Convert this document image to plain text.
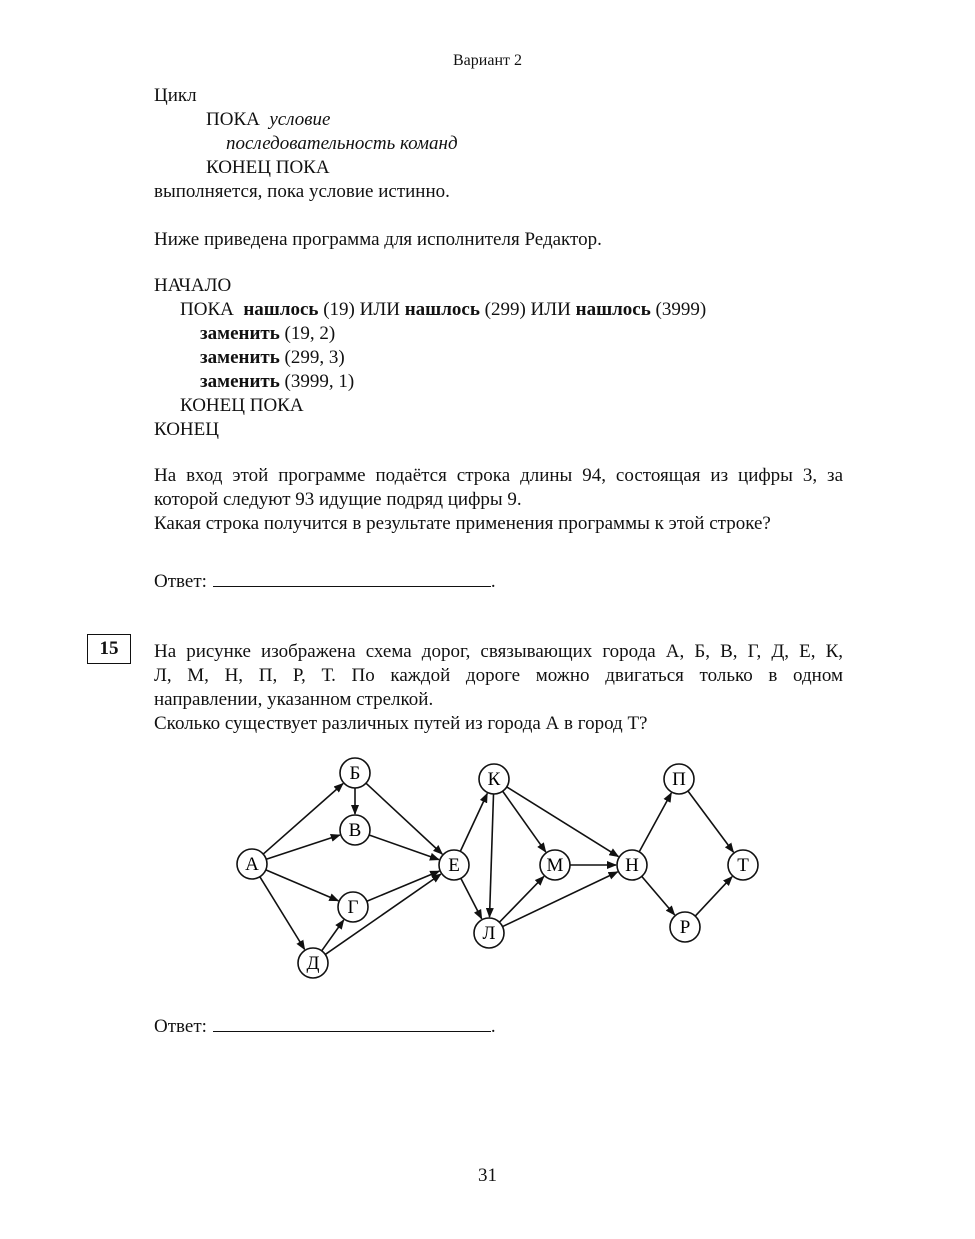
Вариант 2
Цикл
ПОКА условие
последовательность команд
КОНЕЦ ПОКА
выполняется, пока условие истинно.
Ниже приведена программа для исполнителя Редактор.
НАЧАЛО
ПОКА нашлось (19) ИЛИ нашлось (299) ИЛИ нашлось (3999)
заменить (19, 2)
заменить (299, 3)
заменить (3999, 1)
КОНЕЦ ПОКА
КОНЕЦ
На вход этой программе подаётся строка длины 94, состоящая из цифры 3, за
которой следуют 93 идущие подряд цифры 9.
Какая строка получится в результате применения программы к этой строке?
Ответ:	.
15	На рисунке изображена схема дорог, связывающих города А, Б, В, Г, Д, Е, К,
Л, М, Н, П, Р, Т. По каждой дороге можно двигаться только в одном
направлении, указанном стрелкой.
Сколько существует различных путей из города А в город Т?
А
Б
В
Г
Д
Е
К
Л
М	Н
П
Р
Т
Ответ:	.
31
